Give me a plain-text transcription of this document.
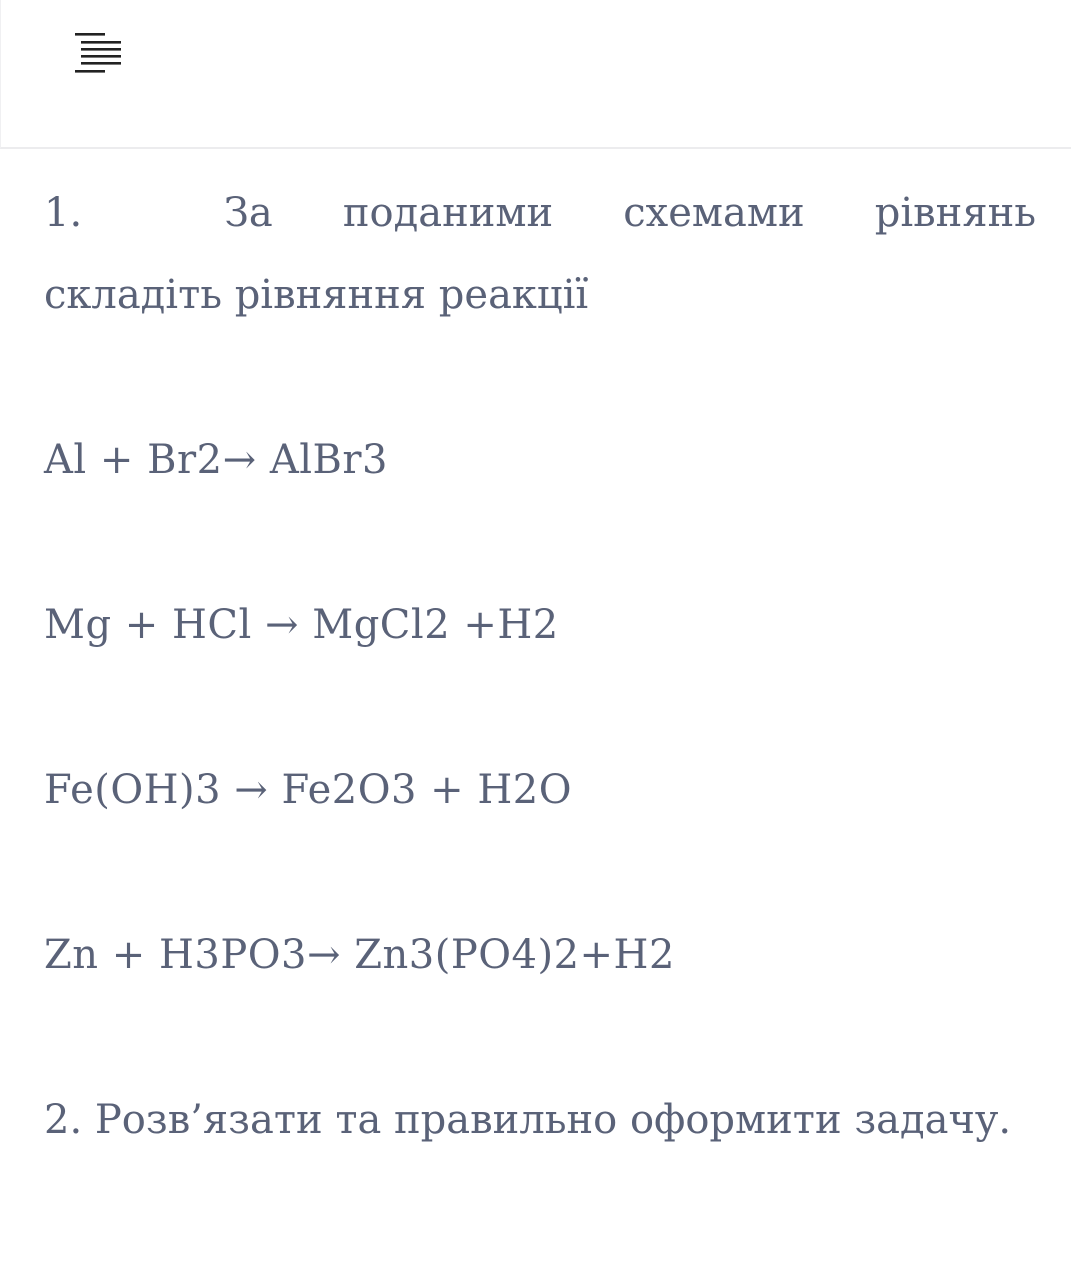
1.	За поданими схемами рівнянь складіть рівняння реакції

Al + Br2→ AlBr3
Mg + HCl → MgCl2 +H2
Fe(OH)3 → Fe2O3 + H2O
Zn + H3PO3→ Zn3(PO4)2+H2

2. Розв’язати та правильно оформити задачу.
